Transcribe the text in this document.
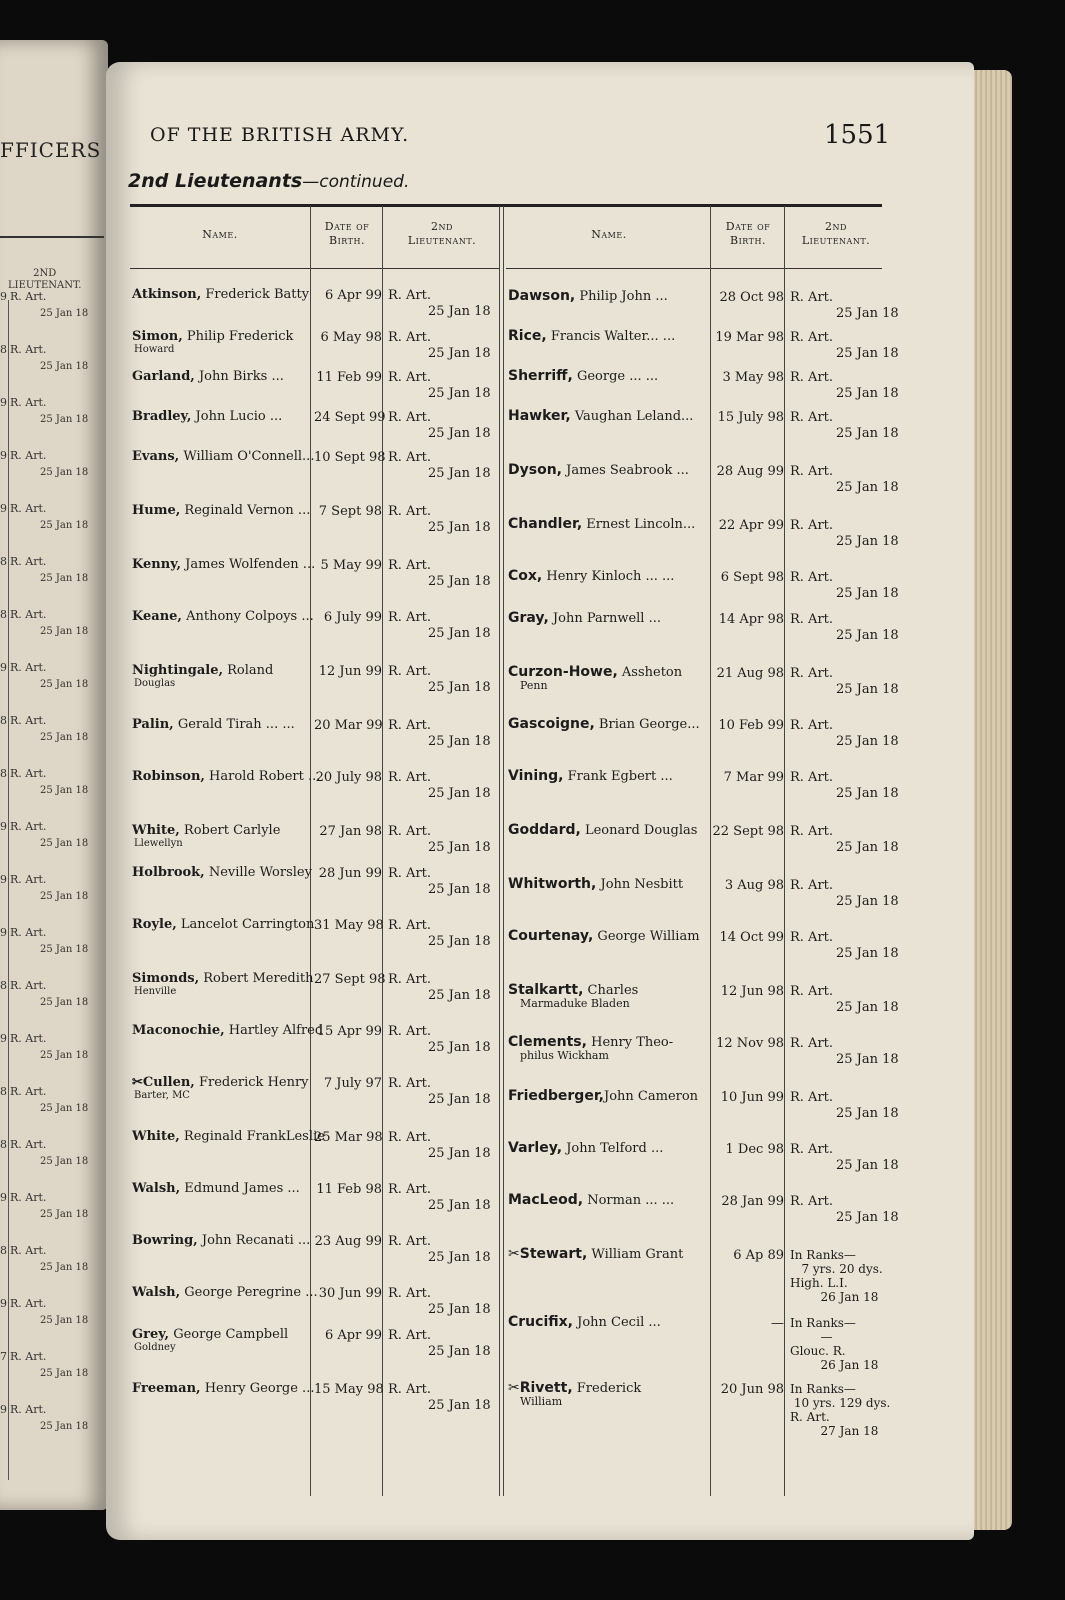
FFICERS
2ND
LIEUTENANT.
9 R. Art.
25 Jan 18
8 R. Art.
25 Jan 18
9 R. Art.
25 Jan 18
9 R. Art.
25 Jan 18
9 R. Art.
25 Jan 18
8 R. Art.
25 Jan 18
8 R. Art.
25 Jan 18
9 R. Art.
25 Jan 18
8 R. Art.
25 Jan 18
8 R. Art.
25 Jan 18
9 R. Art.
25 Jan 18
9 R. Art.
25 Jan 18
9 R. Art.
25 Jan 18
8 R. Art.
25 Jan 18
9 R. Art.
25 Jan 18
8 R. Art.
25 Jan 18
8 R. Art.
25 Jan 18
9 R. Art.
25 Jan 18
8 R. Art.
25 Jan 18
9 R. Art.
25 Jan 18
7 R. Art.
25 Jan 18
9 R. Art.
25 Jan 18
OF THE BRITISH ARMY.	1551
2nd Lieutenants—continued.
Name.
Date of
Birth.
2nd
Lieutenant.	Name.
Date of
Birth.
2nd
Lieutenant.
Atkinson, Frederick Batty	6 Apr 99 R. Art.
25 Jan 18
Simon, Philip Frederick
Howard
6 May 98 R. Art.
25 Jan 18
Garland, John Birks ...	11 Feb 99 R. Art.
25 Jan 18
Bradley, John Lucio ...	24 Sept 99 R. Art.
25 Jan 18
Evans, William O'Connell... 10 Sept 98 R. Art.
25 Jan 18
Hume, Reginald Vernon ... 7 Sept 98 R. Art.
25 Jan 18
Kenny, James Wolfenden ... 5 May 99 R. Art.
25 Jan 18
Keane, Anthony Colpoys ... 6 July 99 R. Art.
25 Jan 18
Nightingale, Roland
Douglas
12 Jun 99 R. Art.
25 Jan 18
Palin, Gerald Tirah ... ...	20 Mar 99 R. Art.
25 Jan 18
Robinson, Harold Robert ...
20 July 98 R. Art.
25 Jan 18
White, Robert Carlyle
Llewellyn
27 Jan 98 R. Art.
25 Jan 18
Holbrook, Neville Worsley 28 Jun 99 R. Art.
25 Jan 18
Royle, Lancelot Carrington 31 May 98 R. Art.
25 Jan 18
Simonds, Robert Meredith
Henville
27 Sept 98 R. Art.
25 Jan 18
Maconochie, Hartley Alfred
15 Apr 99 R. Art.
25 Jan 18
✂Cullen, Frederick Henry
Barter, MC
7 July 97 R. Art.
25 Jan 18
White, Reginald FrankLeslie
25 Mar 98 R. Art.
25 Jan 18
Walsh, Edmund James ...	11 Feb 98 R. Art.
25 Jan 18
Bowring, John Recanati ... 23 Aug 99 R. Art.
25 Jan 18
Walsh, George Peregrine ... 30 Jun 99 R. Art.
25 Jan 18
Grey, George Campbell
Goldney
6 Apr 99 R. Art.
25 Jan 18
Freeman, Henry George ... 15 May 98 R. Art.
25 Jan 18
Dawson, Philip John ...	28 Oct 98 R. Art.
25 Jan 18
Rice, Francis Walter... ...	19 Mar 98 R. Art.
25 Jan 18
Sherriff, George ... ...	3 May 98 R. Art.
25 Jan 18
Hawker, Vaughan Leland...	15 July 98 R. Art.
25 Jan 18
Dyson, James Seabrook ...	28 Aug 99 R. Art.
25 Jan 18
Chandler, Ernest Lincoln...	22 Apr 99 R. Art.
25 Jan 18
Cox, Henry Kinloch ... ...	6 Sept 98 R. Art.
25 Jan 18
Gray, John Parnwell ...	14 Apr 98 R. Art.
25 Jan 18
Curzon-Howe, Assheton
Penn
21 Aug 98 R. Art.
25 Jan 18
Gascoigne, Brian George...	10 Feb 99 R. Art.
25 Jan 18
Vining, Frank Egbert ...	7 Mar 99 R. Art.
25 Jan 18
Goddard, Leonard Douglas	22 Sept 98 R. Art.
25 Jan 18
Whitworth, John Nesbitt	3 Aug 98 R. Art.
25 Jan 18
Courtenay, George William	14 Oct 99 R. Art.
25 Jan 18
Stalkartt, Charles
Marmaduke Bladen
12 Jun 98 R. Art.
25 Jan 18
Clements, Henry Theo-
philus Wickham
12 Nov 98 R. Art.
25 Jan 18
Friedberger,John Cameron	10 Jun 99 R. Art.
25 Jan 18
Varley, John Telford ...	1 Dec 98 R. Art.
25 Jan 18
MacLeod, Norman ... ...	28 Jan 99 R. Art.
25 Jan 18
✂Stewart, William Grant	6 Ap 89 In Ranks—
7 yrs. 20 dys.
High. L.I.
26 Jan 18
Crucifix, John Cecil ...	— In Ranks—
—
Glouc. R.
26 Jan 18
✂Rivett, Frederick
William
20 Jun 98 In Ranks—
10 yrs. 129 dys.
R. Art.
27 Jan 18
